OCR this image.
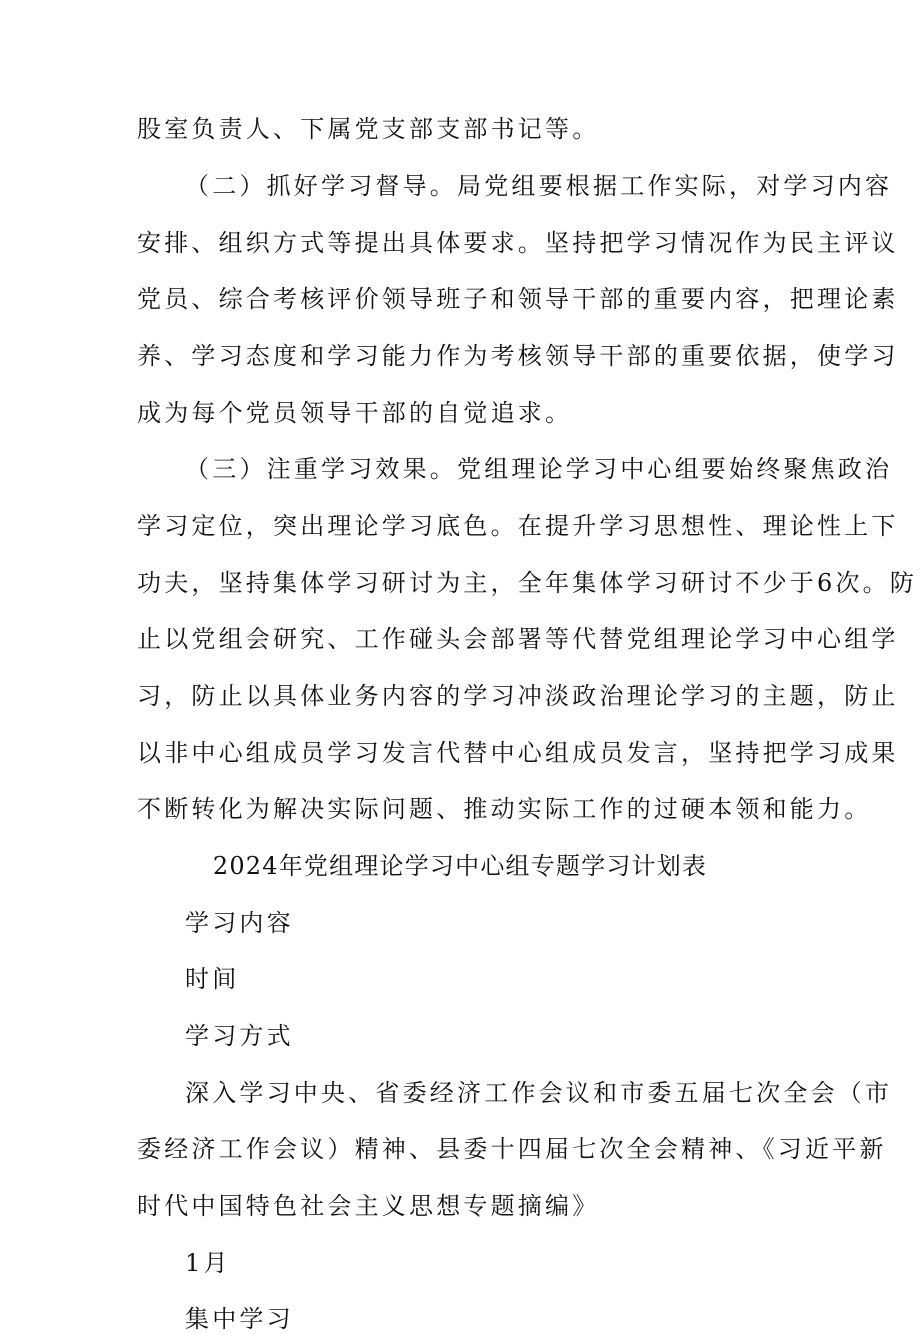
股室负责人、下属党支部支部书记等。
（二）抓好学习督导。局党组要根据工作实际，对学习内容
安排、组织方式等提出具体要求。坚持把学习情况作为民主评议
党员、综合考核评价领导班子和领导干部的重要内容，把理论素
养、学习态度和学习能力作为考核领导干部的重要依据，使学习
成为每个党员领导干部的自觉追求。
（三）注重学习效果。党组理论学习中心组要始终聚焦政治
学习定位，突出理论学习底色。在提升学习思想性、理论性上下
功夫，坚持集体学习研讨为主，全年集体学习研讨不少于6次。防
止以党组会研究、工作碰头会部署等代替党组理论学习中心组学
习，防止以具体业务内容的学习冲淡政治理论学习的主题，防止
以非中心组成员学习发言代替中心组成员发言，坚持把学习成果
不断转化为解决实际问题、推动实际工作的过硬本领和能力。
2024年党组理论学习中心组专题学习计划表
学习内容
时间
学习方式
深入学习中央、省委经济工作会议和市委五届七次全会（市
委经济工作会议）精神、县委十四届七次全会精神、《习近平新
时代中国特色社会主义思想专题摘编》
1月
集中学习
